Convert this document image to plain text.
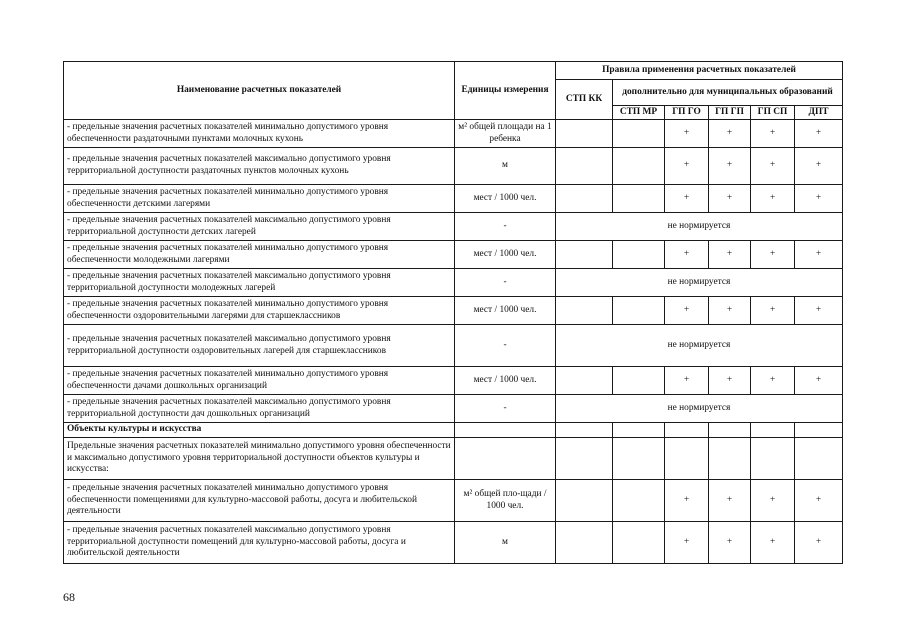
Наименование расчетных показателей	Единицы измерения	Правила применения расчетных показателей					
		СТП КК	дополнительно для муниципальных образований				
			СТП МР	ГП ГО	ГП ГП	ГП СП	ДПТ
- предельные значения расчетных показателей минимально допустимого уровня обеспеченности раздаточными пунктами молочных кухонь	м² общей площади на 1 ребенка			+	+	+	+
- предельные значения расчетных показателей максимально допустимого уровня территориальной доступности раздаточных пунктов молочных кухонь	м			+	+	+	+
- предельные значения расчетных показателей минимально допустимого уровня обеспеченности детскими лагерями	мест / 1000 чел.			+	+	+	+
- предельные значения расчетных показателей максимально допустимого уровня территориальной доступности детских лагерей	-	не нормируется					
- предельные значения расчетных показателей минимально допустимого уровня обеспеченности молодежными лагерями	мест / 1000 чел.			+	+	+	+
- предельные значения расчетных показателей максимально допустимого уровня территориальной доступности молодежных лагерей	-	не нормируется					
- предельные значения расчетных показателей минимально допустимого уровня обеспеченности оздоровительными лагерями для старшеклассников	мест / 1000 чел.			+	+	+	+
- предельные значения расчетных показателей максимально допустимого уровня территориальной доступности оздоровительных лагерей для старшеклассников	-	не нормируется					
- предельные значения расчетных показателей минимально допустимого уровня обеспеченности дачами дошкольных организаций	мест / 1000 чел.			+	+	+	+
- предельные значения расчетных показателей максимально допустимого уровня территориальной доступности дач дошкольных организаций	-	не нормируется					
Объекты культуры и искусства							
Предельные значения расчетных показателей минимально допустимого уровня обеспеченности и максимально допустимого уровня территориальной доступности объектов культуры и искусства:							
- предельные значения расчетных показателей минимально допустимого уровня обеспеченности помещениями для культурно-массовой работы, досуга и любительской деятельности	м² общей пло-щади / 1000 чел.			+	+	+	+
- предельные значения расчетных показателей максимально допустимого уровня территориальной доступности помещений для культурно-массовой работы, досуга и любительской деятельности	м			+	+	+	+
68
